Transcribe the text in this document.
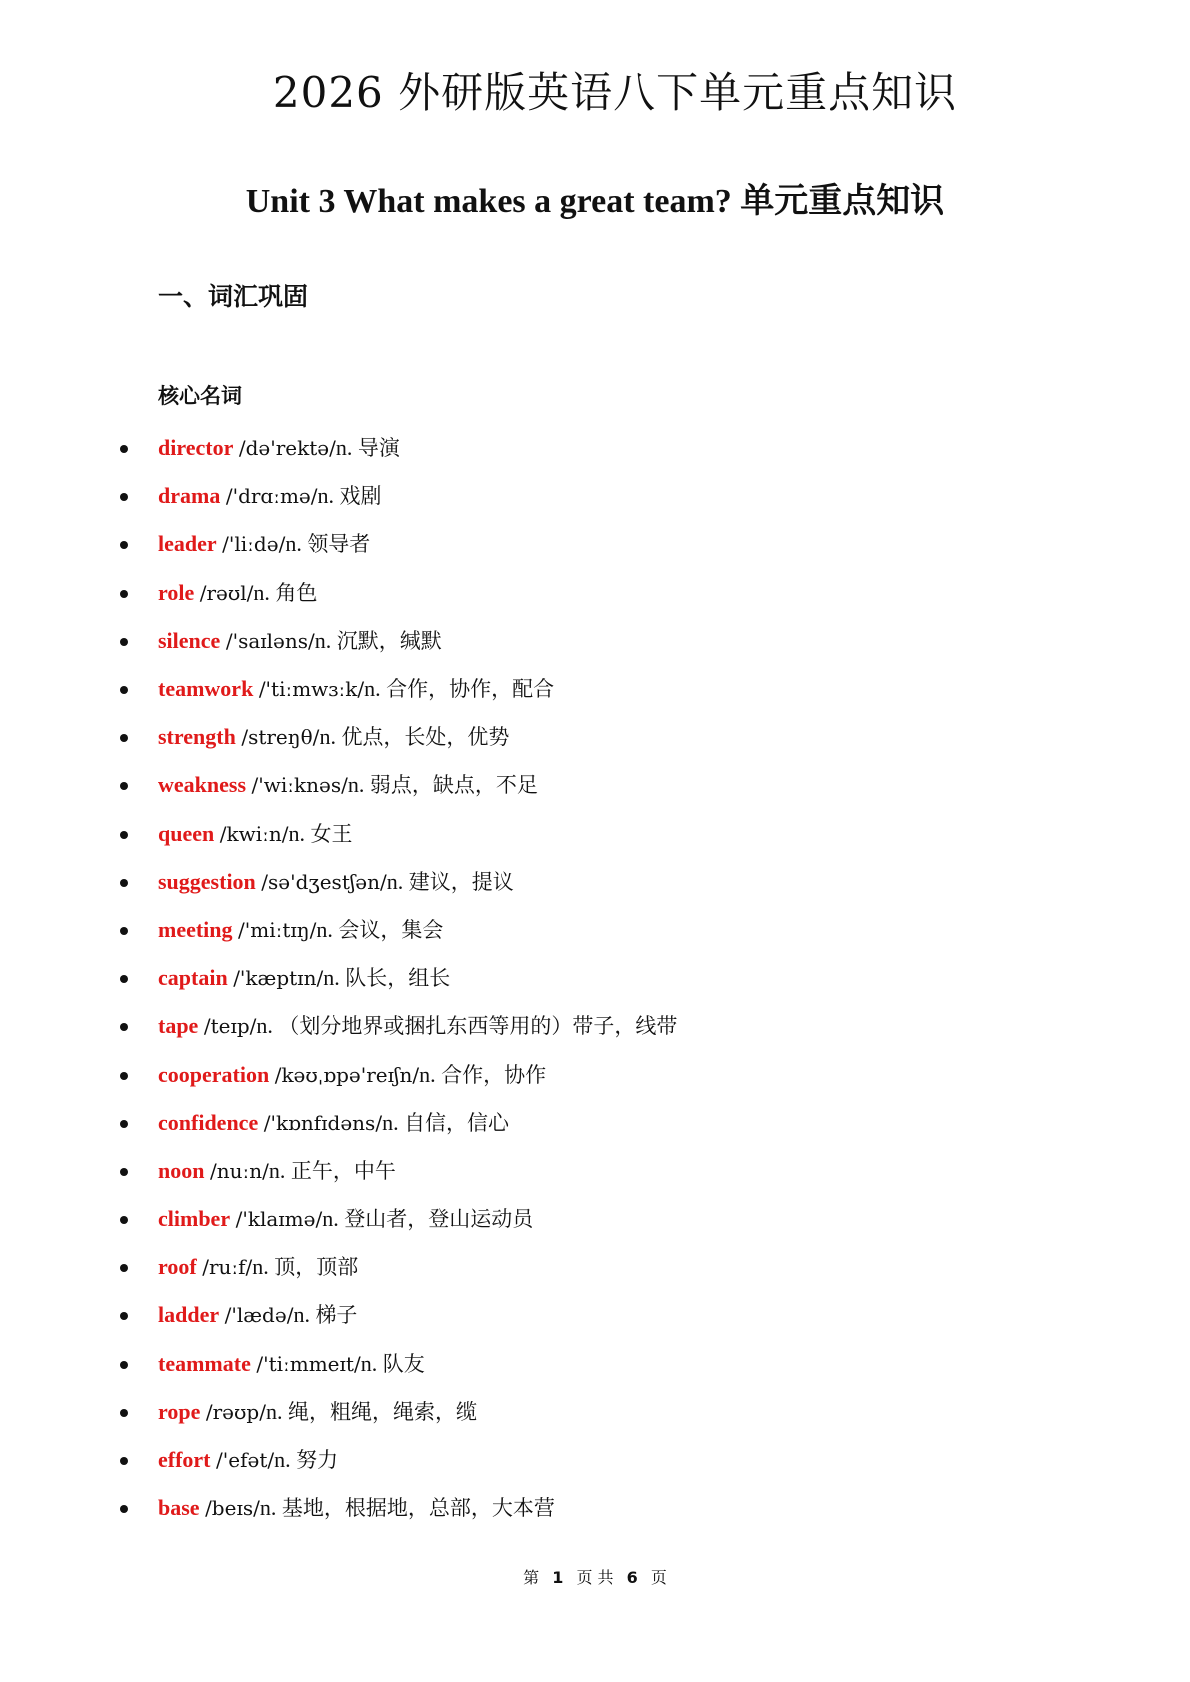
2026 外研版英语八下单元重点知识
Unit 3 What makes a great team? 单元重点知识
一、词汇巩固
核心名词
director /də'rektə/n. 导演
drama /'drɑːmə/n. 戏剧
leader /'liːdə/n. 领导者
role /rəʊl/n. 角色
silence /'saɪləns/n. 沉默，缄默
teamwork /'tiːmwɜːk/n. 合作，协作，配合
strength /streŋθ/n. 优点，长处，优势
weakness /'wiːknəs/n. 弱点，缺点，不足
queen /kwiːn/n. 女王
suggestion /sə'dʒestʃən/n. 建议，提议
meeting /'miːtɪŋ/n. 会议，集会
captain /'kæptɪn/n. 队长，组长
tape /teɪp/n. （划分地界或捆扎东西等用的）带子，线带
cooperation /kəʊˌɒpə'reɪʃn/n. 合作，协作
confidence /'kɒnfɪdəns/n. 自信，信心
noon /nuːn/n. 正午，中午
climber /'klaɪmə/n. 登山者，登山运动员
roof /ruːf/n. 顶，顶部
ladder /'lædə/n. 梯子
teammate /'tiːmmeɪt/n. 队友
rope /rəʊp/n. 绳，粗绳，绳索，缆
effort /'efət/n. 努力
base /beɪs/n. 基地，根据地，总部，大本营
第 1 页 共 6 页
